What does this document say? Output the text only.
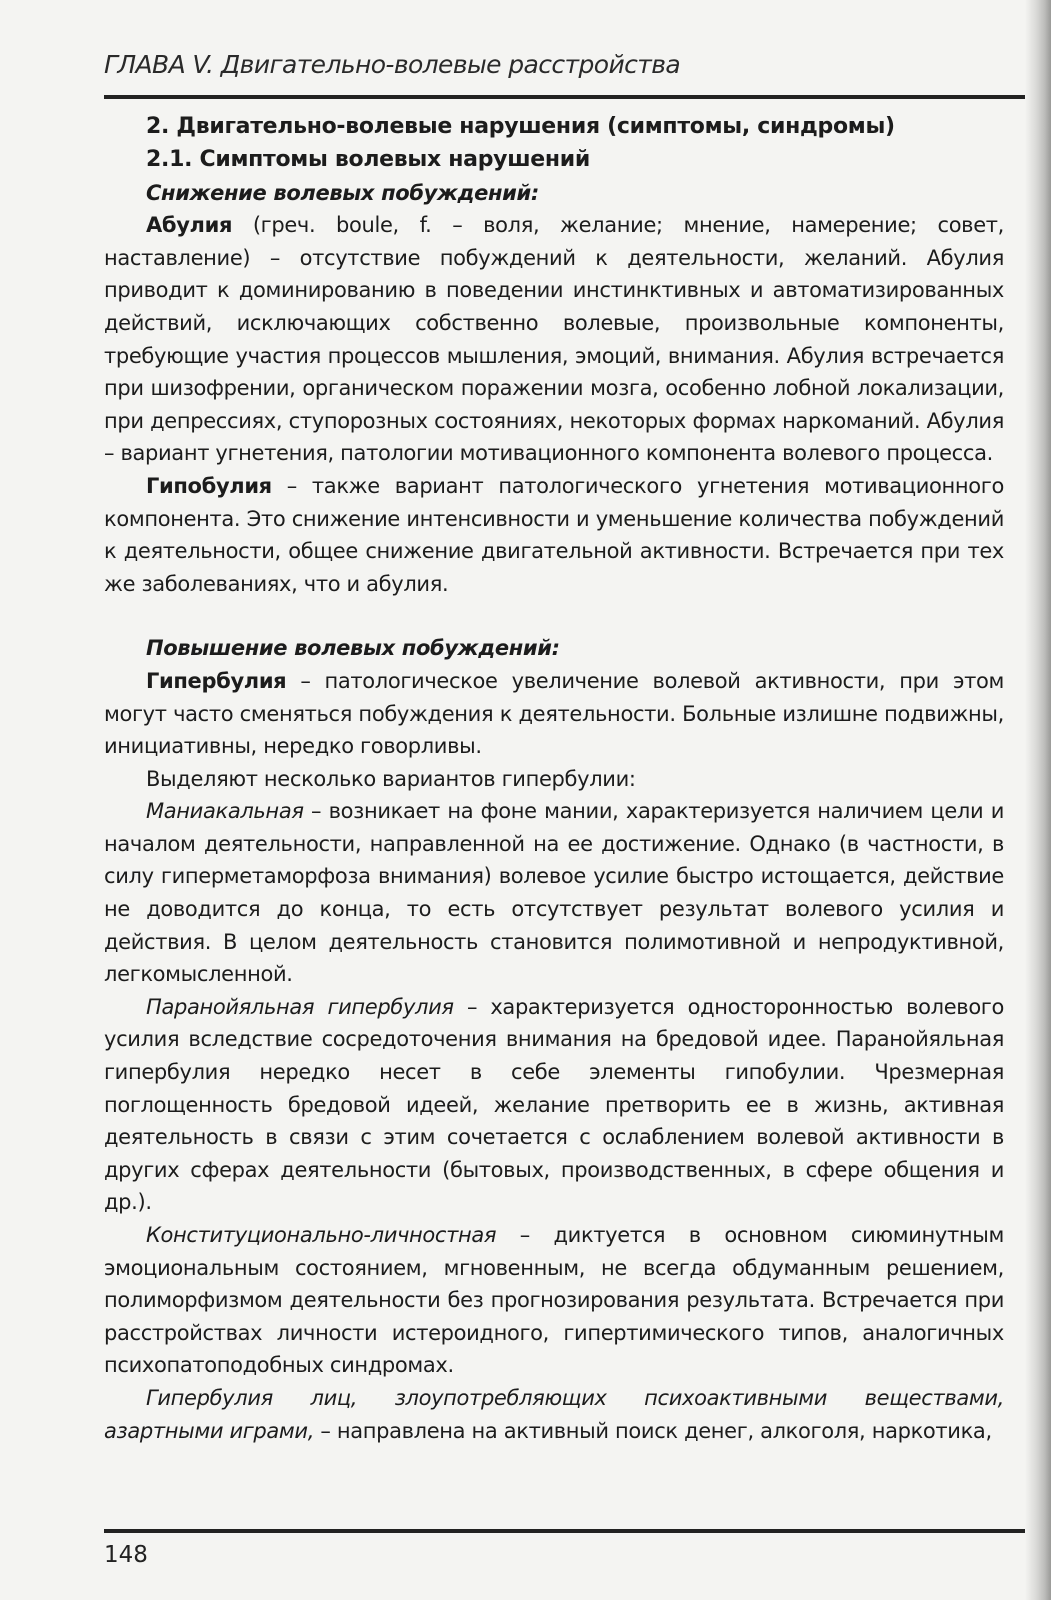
ГЛАВА V. Двигательно-волевые расстройства
2. Двигательно-волевые нарушения (симптомы, синдромы)
2.1. Симптомы волевых нарушений
Снижение волевых побуждений:

Абулия (греч. boule, f. – воля, желание; мнение, намерение; совет, наставление) – отсутствие побуждений к деятельности, желаний. Абулия приводит к доминированию в поведении инстинктивных и автоматизированных действий, исключающих собственно волевые, произвольные компоненты, требующие участия процессов мышления, эмоций, внимания. Абулия встречается при шизофрении, органическом поражении мозга, особенно лобной локализации, при депрессиях, ступорозных состояниях, некоторых формах наркоманий. Абулия – вариант угнетения, патологии мотивационного компонента волевого процесса.

Гипобулия – также вариант патологического угнетения мотивационного компонента. Это снижение интенсивности и уменьшение количества побуждений к деятельности, общее снижение двигательной активности. Встречается при тех же заболеваниях, что и абулия.

Повышение волевых побуждений:

Гипербулия – патологическое увеличение волевой активности, при этом могут часто сменяться побуждения к деятельности. Больные излишне подвижны, инициативны, нередко говорливы.

Выделяют несколько вариантов гипербулии:

Маниакальная – возникает на фоне мании, характеризуется наличием цели и началом деятельности, направленной на ее достижение. Однако (в частности, в силу гиперметаморфоза внимания) волевое усилие быстро истощается, действие не доводится до конца, то есть отсутствует результат волевого усилия и действия. В целом деятельность становится полимотивной и непродуктивной, легкомысленной.

Паранойяльная гипербулия – характеризуется односторонностью волевого усилия вследствие сосредоточения внимания на бредовой идее. Паранойяльная гипербулия нередко несет в себе элементы гипобулии. Чрезмерная поглощенность бредовой идеей, желание претворить ее в жизнь, активная деятельность в связи с этим сочетается с ослаблением волевой активности в других сферах деятельности (бытовых, производственных, в сфере общения и др.).

Конституционально-личностная – диктуется в основном сиюминутным эмоциональным состоянием, мгновенным, не всегда обдуманным решением, полиморфизмом деятельности без прогнозирования результата. Встречается при расстройствах личности истероидного, гипертимического типов, аналогичных психопатоподобных синдромах.

Гипербулия лиц, злоупотребляющих психоактивными веществами, азартными играми, – направлена на активный поиск денег, алкоголя, наркотика,

148
